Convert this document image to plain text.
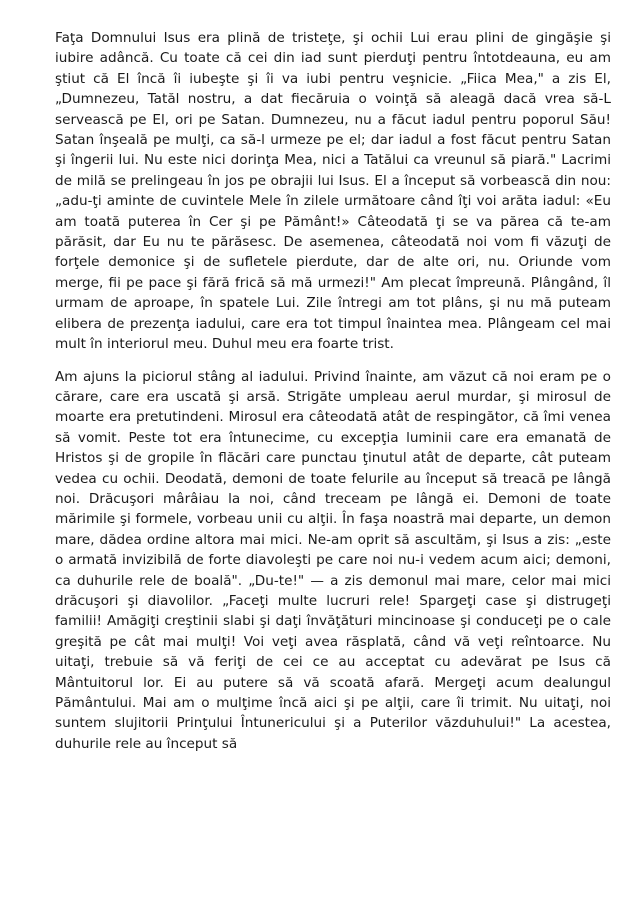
Faţa Domnului Isus era plină de tristeţe, şi ochii Lui erau plini de gingăşie şi iubire adâncă. Cu toate că cei din iad sunt pierduţi pentru întotdeauna, eu am ştiut că El încă îi iubeşte şi îi va iubi pentru veşnicie. „Fiica Mea," a zis El, „Dumnezeu, Tatăl nostru, a dat fiecăruia o voinţă să aleagă dacă vrea să-L servească pe El, ori pe Satan. Dumnezeu, nu a făcut iadul pentru poporul Său! Satan înşeală pe mulţi, ca să-l urmeze pe el; dar iadul a fost făcut pentru Satan şi îngerii lui. Nu este nici dorinţa Mea, nici a Tatălui ca vreunul să piară." Lacrimi de milă se prelingeau în jos pe obrajii lui Isus. El a început să vorbească din nou: „adu-ţi aminte de cuvintele Mele în zilele următoare când îţi voi arăta iadul: «Eu am toată puterea în Cer şi pe Pământ!» Câteodată ţi se va părea că te-am părăsit, dar Eu nu te părăsesc. De asemenea, câteodată noi vom fi văzuţi de forţele demonice şi de sufletele pierdute, dar de alte ori, nu. Oriunde vom merge, fii pe pace şi fără frică să mă urmezi!" Am plecat împreună. Plângând, îl urmam de aproape, în spatele Lui. Zile întregi am tot plâns, şi nu mă puteam elibera de prezenţa iadului, care era tot timpul înaintea mea. Plângeam cel mai mult în interiorul meu. Duhul meu era foarte trist.

Am ajuns la piciorul stâng al iadului. Privind înainte, am văzut că noi eram pe o cărare, care era uscată şi arsă. Strigăte umpleau aerul murdar, şi mirosul de moarte era pretutindeni. Mirosul era câteodată atât de respingător, că îmi venea să vomit. Peste tot era întunecime, cu excepţia luminii care era emanată de Hristos şi de gropile în flăcări care punctau ţinutul atât de departe, cât puteam vedea cu ochii. Deodată, demoni de toate felurile au început să treacă pe lângă noi. Drăcuşori mârâiau la noi, când treceam pe lângă ei. Demoni de toate mărimile şi formele, vorbeau unii cu alţii. În faşa noastră mai departe, un demon mare, dădea ordine altora mai mici. Ne-am oprit să ascultăm, şi Isus a zis: „este o armată invizibilă de forte diavoleşti pe care noi nu-i vedem acum aici; demoni, ca duhurile rele de boală". „Du-te!" — a zis demonul mai mare, celor mai mici drăcuşori şi diavolilor. „Faceţi multe lucruri rele! Spargeţi case şi distrugeţi familii! Amăgiţi creştinii slabi şi daţi învăţături mincinoase şi conduceţi pe o cale greşită pe cât mai mulţi! Voi veţi avea răsplată, când vă veţi reîntoarce. Nu uitaţi, trebuie să vă feriţi de cei ce au acceptat cu adevărat pe Isus că Mântuitorul lor. Ei au putere să vă scoată afară. Mergeţi acum dealungul Pământului. Mai am o mulţime încă aici şi pe alţii, care îi trimit. Nu uitaţi, noi suntem slujitorii Prinţului Întunericului şi a Puterilor văzduhului!" La acestea, duhurile rele au început să
